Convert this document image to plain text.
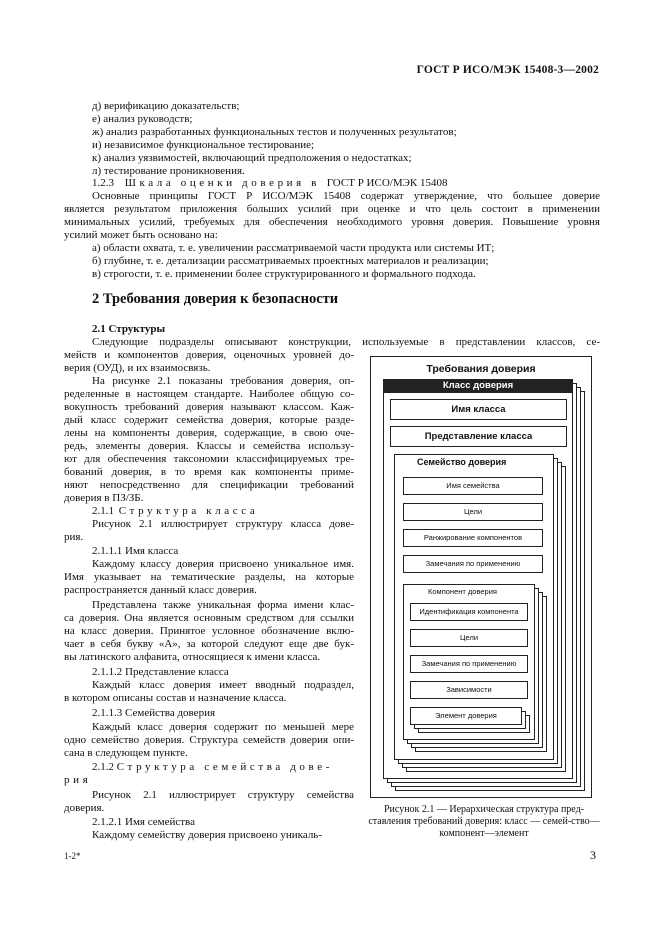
ГОСТ Р ИСО/МЭК 15408-3—2002
д) верификацию доказательств;
е) анализ руководств;
ж) анализ разработанных функциональных тестов и полученных результатов;
и) независимое функциональное тестирование;
к) анализ уязвимостей, включающий предположения о недостатках;
л) тестирование проникновения.
1.2.3 Шкала оценки доверия в ГОСТ Р ИСО/МЭК 15408
Основные принципы ГОСТ Р ИСО/МЭК 15408 содержат утверждение, что большее доверие
является результатом приложения больших усилий при оценке и что цель состоит в применении
минимальных усилий, требуемых для обеспечения необходимого уровня доверия. Повышение уровня
усилий может быть основано на:
а) области охвата, т. е. увеличении рассматриваемой части продукта или системы ИТ;
б) глубине, т. е. детализации рассматриваемых проектных материалов и реализации;
в) строгости, т. е. применении более структурированного и формального подхода.
2 Требования доверия к безопасности
2.1 Структуры
Следующие подразделы описывают конструкции, используемые в представлении классов, се-
мейств и компонентов доверия, оценочных уровней до-
верия (ОУД), и их взаимосвязь.
На рисунке 2.1 показаны требования доверия, оп-
ределенные в настоящем стандарте. Наиболее общую со-
вокупность требований доверия называют классом. Каж-
дый класс содержит семейства доверия, которые разде-
лены на компоненты доверия, содержащие, в свою оче-
редь, элементы доверия. Классы и семейства использу-
ют для обеспечения таксономии классифицируемых тре-
бований доверия, в то время как компоненты приме-
няют непосредственно для спецификации требований
доверия в ПЗ/ЗБ.
2.1.1 Структура класса
Рисунок 2.1 иллюстрирует структуру класса дове-
рия.
2.1.1.1 Имя класса
Каждому классу доверия присвоено уникальное имя.
Имя указывает на тематические разделы, на которые
распространяется данный класс доверия.
Представлена также уникальная форма имени клас-
са доверия. Она является основным средством для ссылки
на класс доверия. Принятое условное обозначение вклю-
чает в себя букву «А», за которой следуют еще две бук-
вы латинского алфавита, относящиеся к имени класса.
2.1.1.2 Представление класса
Каждый класс доверия имеет вводный подраздел,
в котором описаны состав и назначение класса.
2.1.1.3 Семейства доверия
Каждый класс доверия содержит по меньшей мере
одно семейство доверия. Структура семейств доверия опи-
сана в следующем пункте.
2.1.2 Структура семейства дове-
рия
Рисунок 2.1 иллюстрирует структуру семейства
доверия.
2.1.2.1 Имя семейства
Каждому семейству доверия присвоено уникаль-
Требования доверия
Класс доверия
Имя класса
Представление класса
Семейство доверия
Имя семейства
Цели
Ранжирование компонентов
Замечания по применению
Компонент доверия
Идентификация компонента
Цели
Замечания по применению
Зависимости
Элемент доверия
Рисунок 2.1 — Иерархическая структура пред-ставления требований доверия: класс — семей-ство—компонент—элемент
1-2*	3
